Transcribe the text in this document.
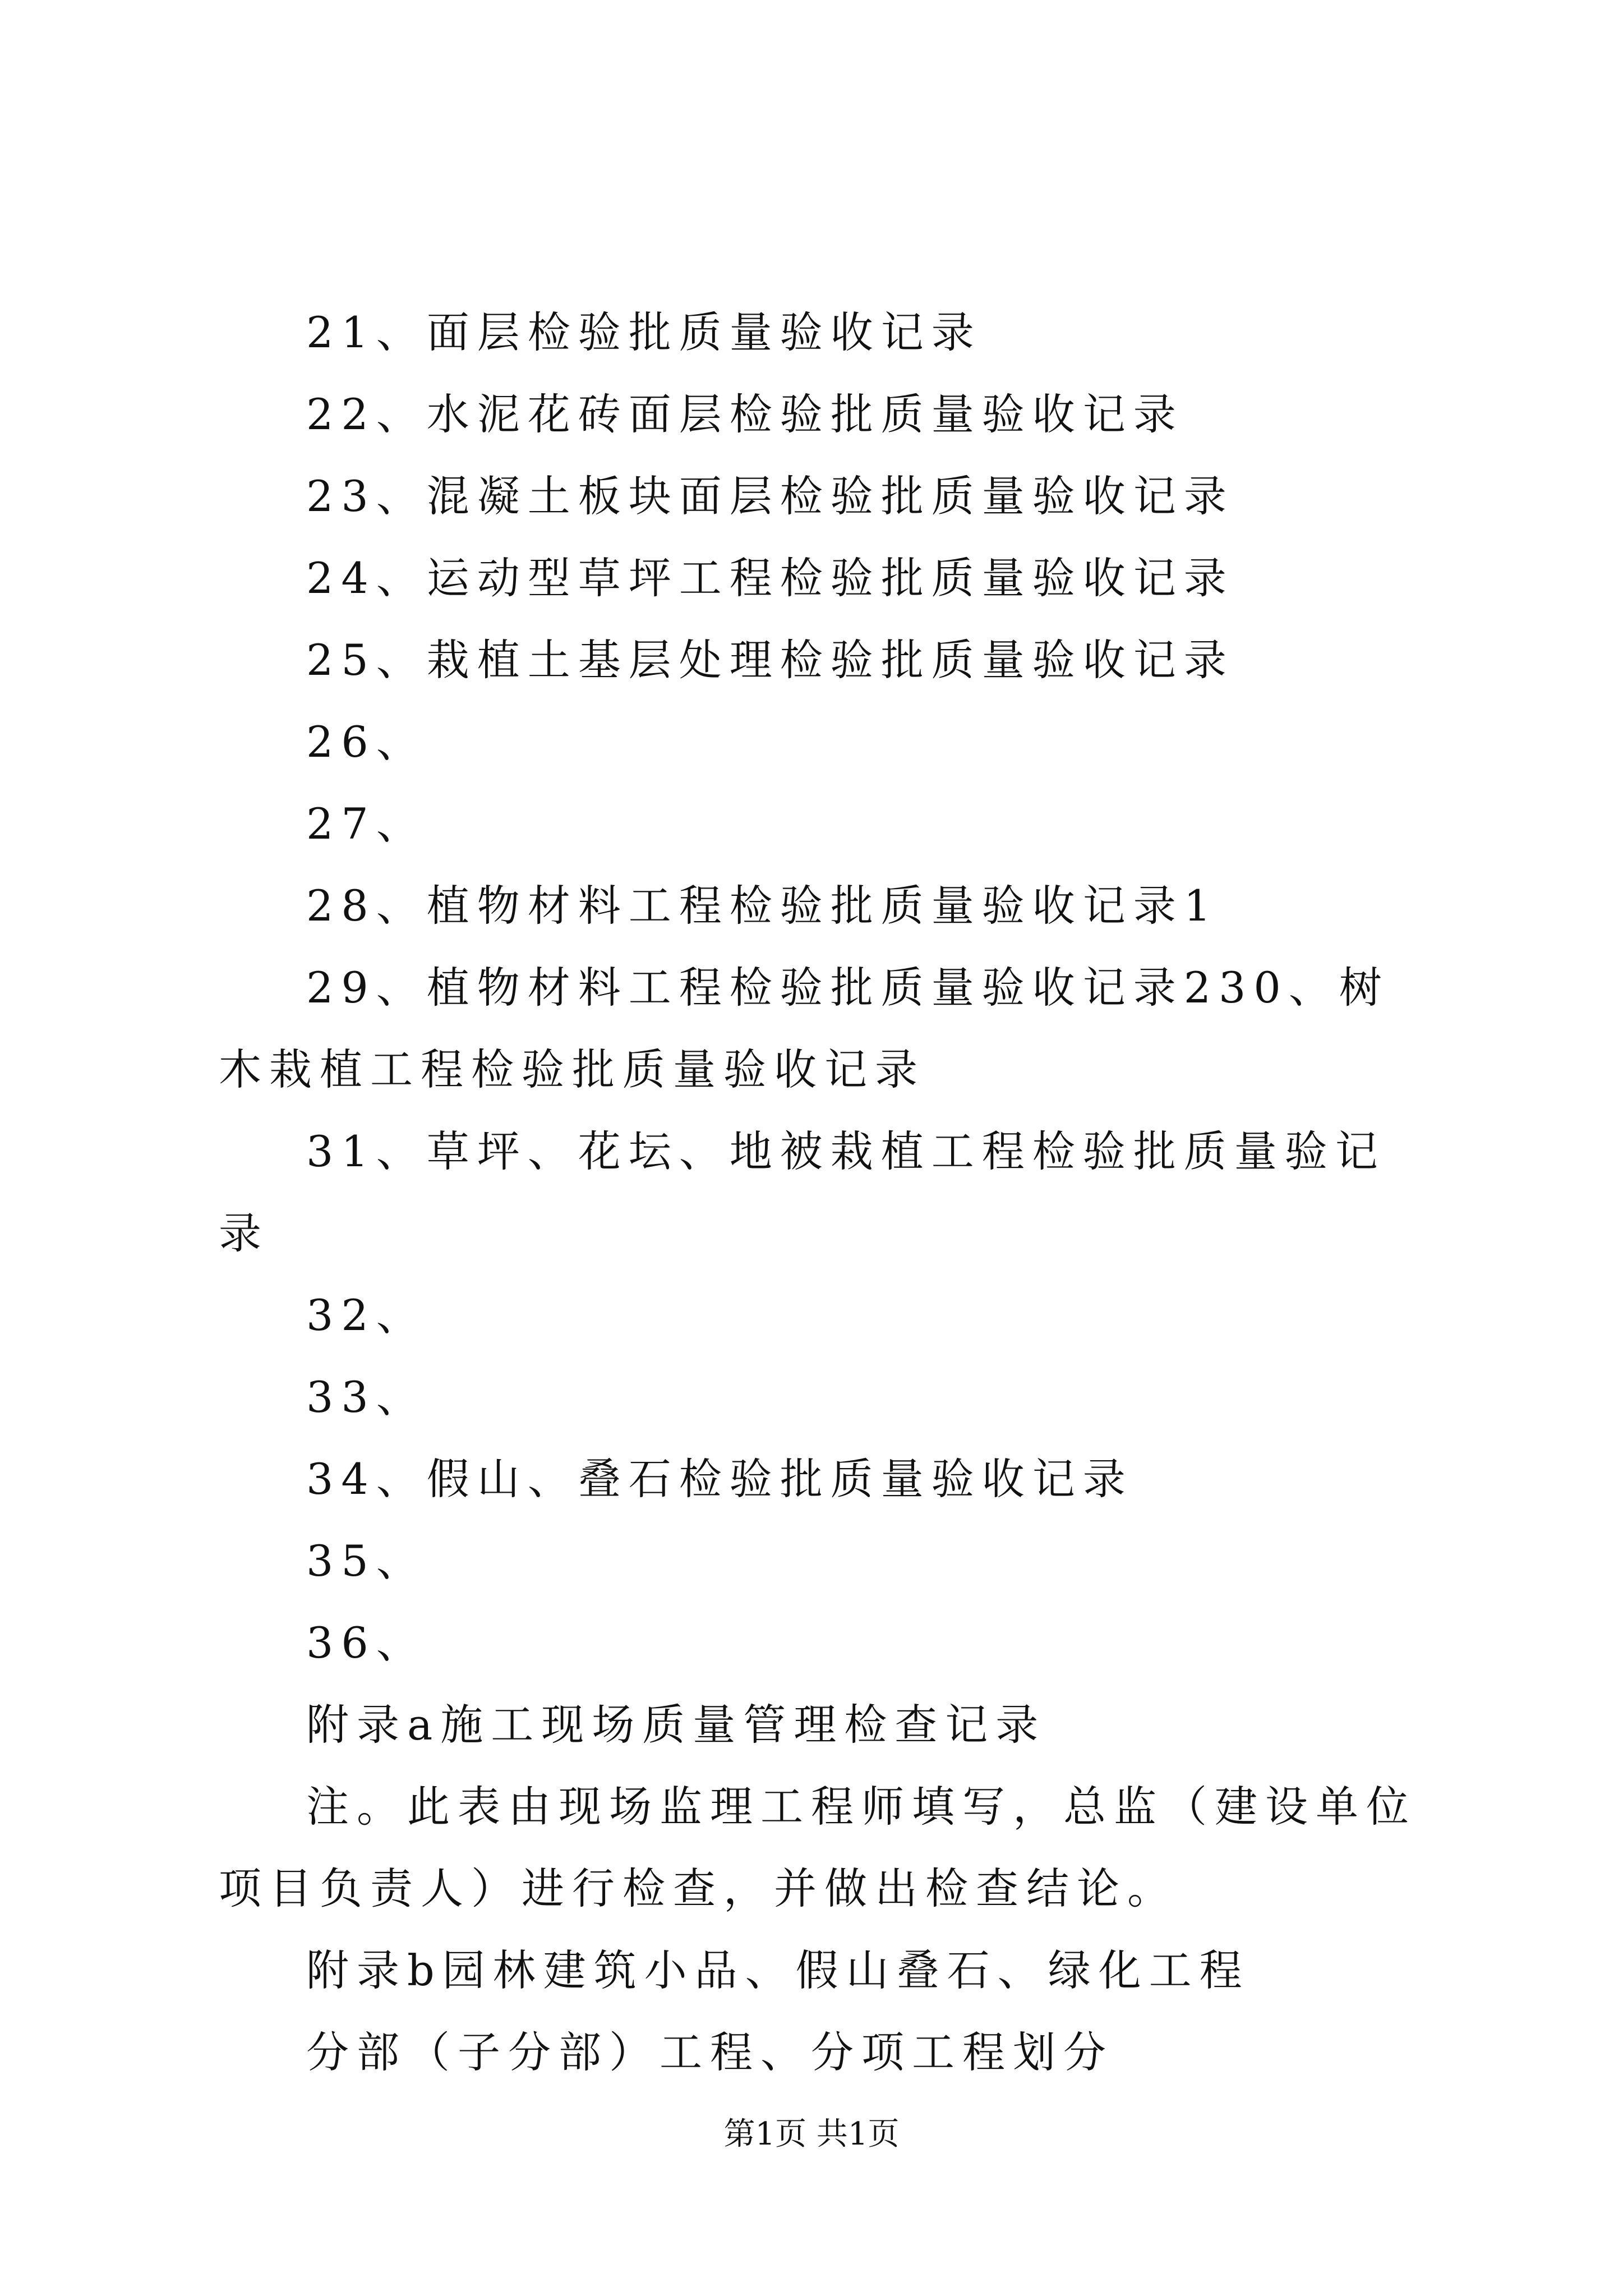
21、面层检验批质量验收记录

22、水泥花砖面层检验批质量验收记录

23、混凝土板块面层检验批质量验收记录

24、运动型草坪工程检验批质量验收记录

25、栽植土基层处理检验批质量验收记录

26、

27、

28、植物材料工程检验批质量验收记录1

29、植物材料工程检验批质量验收记录230、树木栽植工程检验批质量验收记录

31、草坪、花坛、地被栽植工程检验批质量验记录

32、

33、

34、假山、叠石检验批质量验收记录

35、

36、

附录a施工现场质量管理检查记录

注。此表由现场监理工程师填写，总监（建设单位项目负责人）进行检查，并做出检查结论。

附录b园林建筑小品、假山叠石、绿化工程

分部（子分部）工程、分项工程划分

第1页 共1页
